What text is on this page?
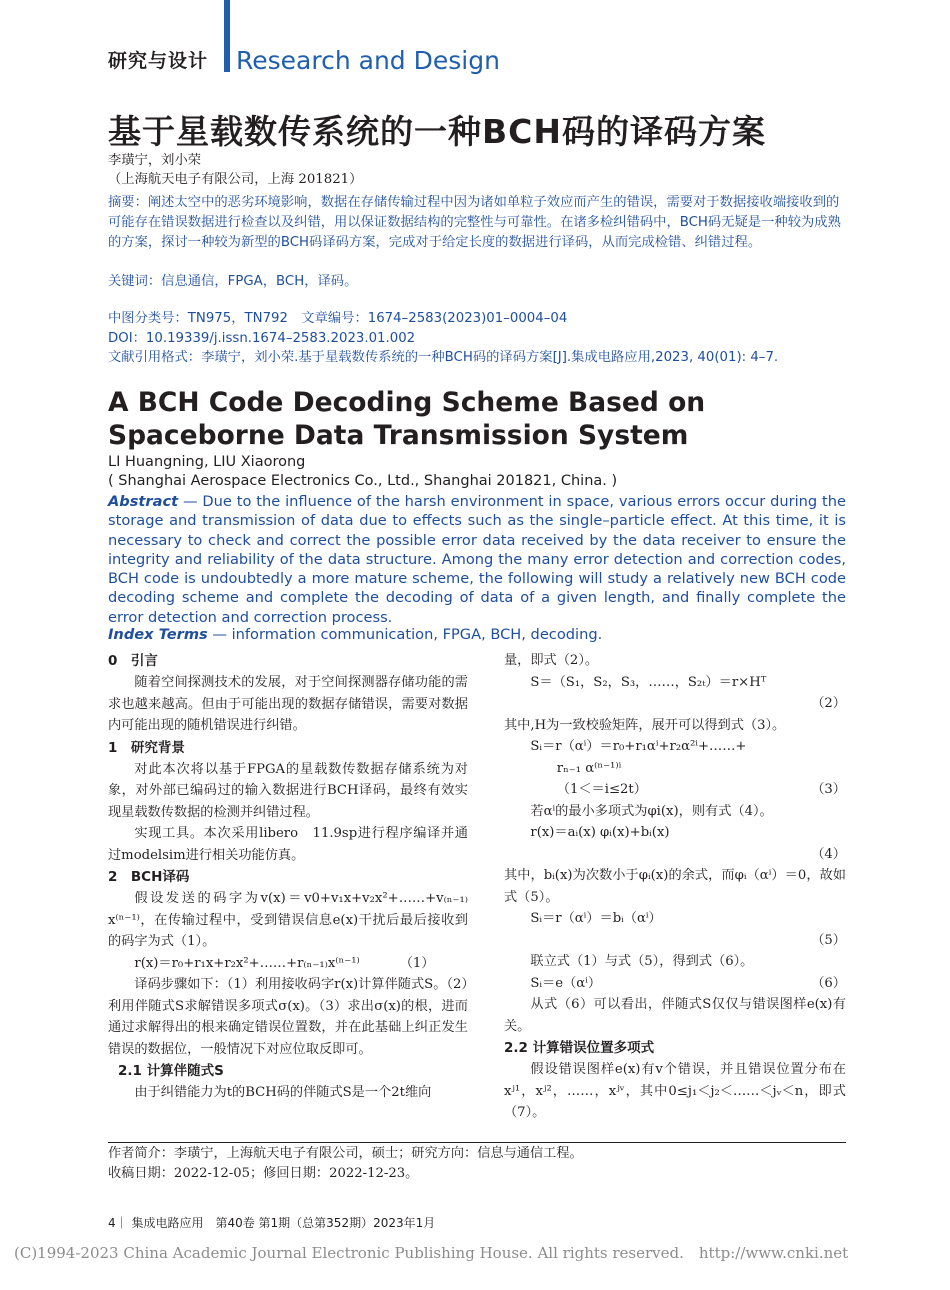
研究与设计 Research and Design
基于星载数传系统的一种BCH码的译码方案
李璜宁，刘小荣
（上海航天电子有限公司，上海 201821）
摘要：阐述太空中的恶劣环境影响，数据在存储传输过程中因为诸如单粒子效应而产生的错误，需要对于数据接收端接收到的可能存在错误数据进行检查以及纠错，用以保证数据结构的完整性与可靠性。在诸多检纠错码中，BCH码无疑是一种较为成熟的方案，探讨一种较为新型的BCH码译码方案，完成对于给定长度的数据进行译码，从而完成检错、纠错过程。
关键词：信息通信，FPGA，BCH，译码。
中图分类号：TN975，TN792　文章编号：1674–2583(2023)01–0004–04
DOI：10.19339/j.issn.1674–2583.2023.01.002
文献引用格式：李璜宁，刘小荣.基于星载数传系统的一种BCH码的译码方案[J].集成电路应用,2023, 40(01): 4–7.
A BCH Code Decoding Scheme Based on Spaceborne Data Transmission System
LI Huangning, LIU Xiaorong
( Shanghai Aerospace Electronics Co., Ltd., Shanghai 201821, China. )
Abstract — Due to the influence of the harsh environment in space, various errors occur during the storage and transmission of data due to effects such as the single–particle effect. At this time, it is necessary to check and correct the possible error data received by the data receiver to ensure the integrity and reliability of the data structure. Among the many error detection and correction codes, BCH code is undoubtedly a more mature scheme, the following will study a relatively new BCH code decoding scheme and complete the decoding of data of a given length, and finally complete the error detection and correction process.
Index Terms — information communication, FPGA, BCH, decoding.

0　引言

随着空间探测技术的发展，对于空间探测器存储功能的需求也越来越高。但由于可能出现的数据存储错误，需要对数据内可能出现的随机错误进行纠错。

1　研究背景

对此本次将以基于FPGA的星载数传数据存储系统为对象，对外部已编码过的输入数据进行BCH译码，最终有效实现星载数传数据的检测并纠错过程。

实现工具。本次采用libero　11.9sp进行程序编译并通过modelsim进行相关功能仿真。

2　BCH译码

假设发送的码字为v(x)＝v0+v₁x+v₂x²+……+v₍ₙ₋₁₎x⁽ⁿ⁻¹⁾，在传输过程中，受到错误信息e(x)干扰后最后接收到的码字为式（1）。

r(x)＝r₀+r₁x+r₂x²+……+r₍ₙ₋₁₎x⁽ⁿ⁻¹⁾	（1）

译码步骤如下：（1）利用接收码字r(x)计算伴随式S。（2）利用伴随式S求解错误多项式σ(x)。（3）求出σ(x)的根，进而通过求解得出的根来确定错误位置数，并在此基础上纠正发生错误的数据位，一般情况下对应位取反即可。

2.1 计算伴随式S

由于纠错能力为t的BCH码的伴随式S是一个2t维向

量，即式（2）。

S＝（S₁，S₂，S₃，……，S₂ₜ）＝r×Hᵀ

（2）

其中,H为一致校验矩阵，展开可以得到式（3）。

Sᵢ＝r（αⁱ）＝r₀+r₁αⁱ+r₂α²ⁱ+……+

rₙ₋₁ α⁽ⁿ⁻¹⁾ⁱ

（1＜＝i≤2t）	（3）

若αⁱ的最小多项式为φi(x)，则有式（4）。

r(x)＝aᵢ(x) φᵢ(x)+bᵢ(x)

（4）

其中，bᵢ(x)为次数小于φᵢ(x)的余式，而φᵢ（αⁱ）＝0，故如式（5）。

Sᵢ＝r（αⁱ）＝bᵢ（αⁱ）

（5）

联立式（1）与式（5），得到式（6）。

Sᵢ＝e（αⁱ）	（6）

从式（6）可以看出，伴随式S仅仅与错误图样e(x)有关。

2.2 计算错误位置多项式

假设错误图样e(x)有v个错误，并且错误位置分布在xʲ¹，xʲ²，……，xʲᵛ，其中0≤j₁＜j₂＜……＜jᵥ＜n，即式（7）。

作者简介：李璜宁，上海航天电子有限公司，硕士；研究方向：信息与通信工程。
收稿日期：2022-12-05；修回日期：2022-12-23。
4｜ 集成电路应用　第40卷 第1期（总第352期）2023年1月
(C)1994-2023 China Academic Journal Electronic Publishing House. All rights reserved.　http://www.cnki.net
